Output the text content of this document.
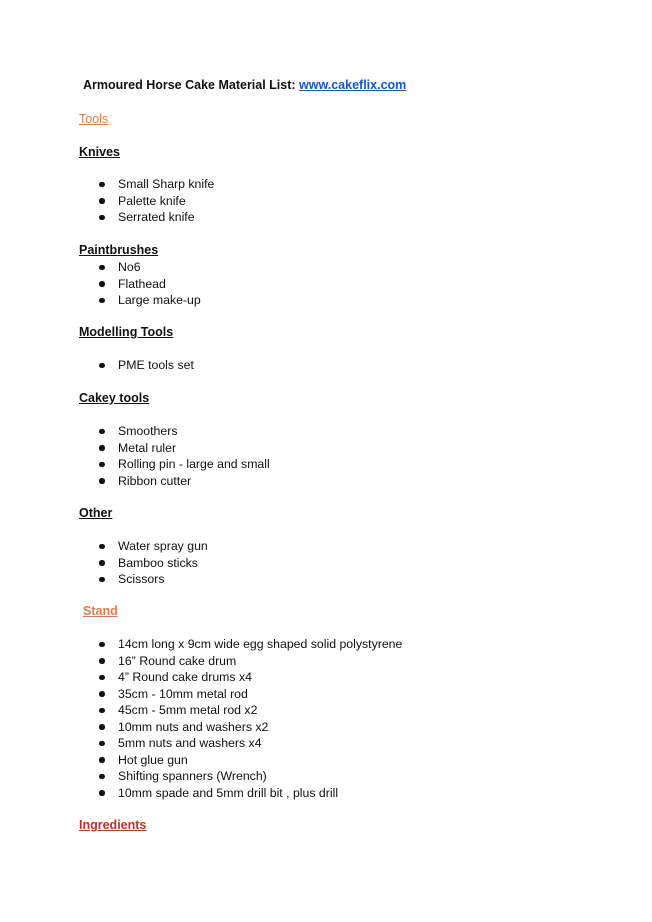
Armoured Horse Cake Material List: www.cakeflix.com
Tools
Knives
Small Sharp knife
Palette knife
Serrated knife
Paintbrushes
No6
Flathead
Large make-up
Modelling Tools
PME tools set
Cakey tools
Smoothers
Metal ruler
Rolling pin - large and small
Ribbon cutter
Other
Water spray gun
Bamboo sticks
Scissors
Stand
14cm long x 9cm wide egg shaped solid polystyrene
16” Round cake drum
4” Round cake drums x4
35cm - 10mm metal rod
45cm - 5mm metal rod x2
10mm nuts and washers x2
5mm nuts and washers x4
Hot glue gun
Shifting spanners (Wrench)
10mm spade and 5mm drill bit , plus drill
Ingredients
